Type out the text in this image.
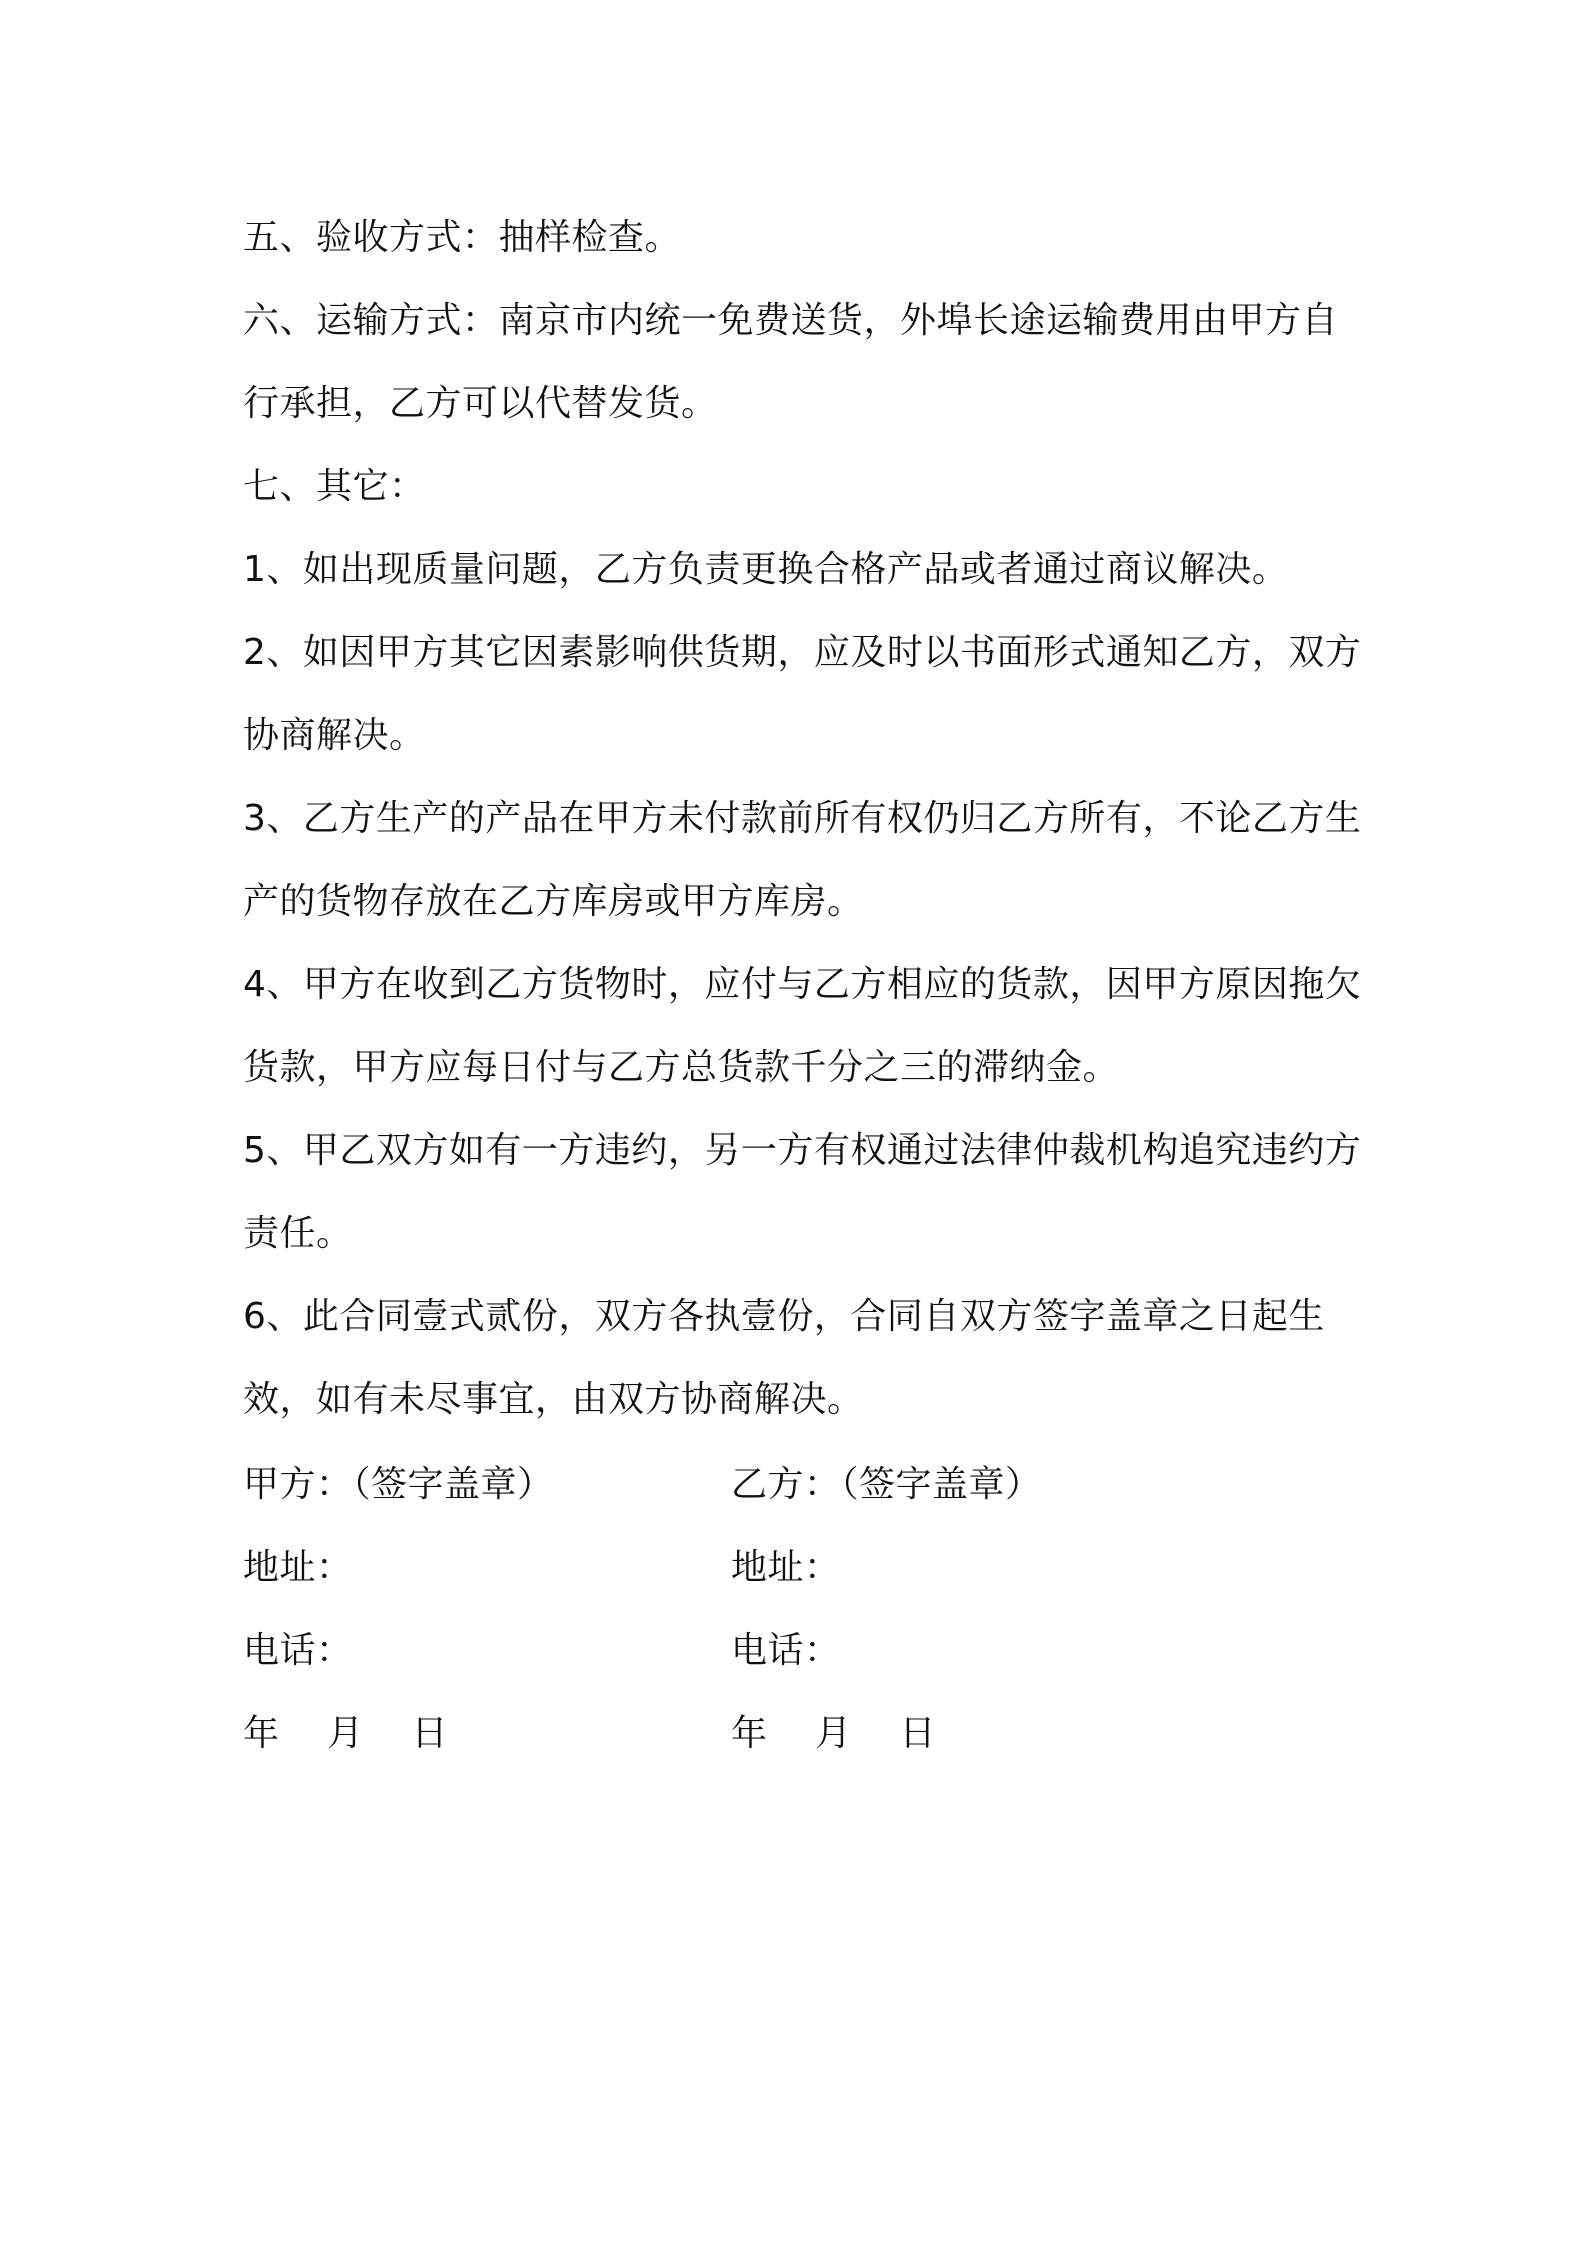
五、验收方式：抽样检查。

六、运输方式：南京市内统一免费送货，外埠长途运输费用由甲方自行承担，乙方可以代替发货。

七、其它：

1、如出现质量问题，乙方负责更换合格产品或者通过商议解决。

2、如因甲方其它因素影响供货期，应及时以书面形式通知乙方，双方协商解决。

3、乙方生产的产品在甲方未付款前所有权仍归乙方所有，不论乙方生产的货物存放在乙方库房或甲方库房。

4、甲方在收到乙方货物时，应付与乙方相应的货款，因甲方原因拖欠货款，甲方应每日付与乙方总货款千分之三的滞纳金。

5、甲乙双方如有一方违约，另一方有权通过法律仲裁机构追究违约方责任。

6、此合同壹式贰份，双方各执壹份，合同自双方签字盖章之日起生效，如有未尽事宜，由双方协商解决。

甲方：（签字盖章）	乙方：（签字盖章）
地址：	地址：
电话：	电话：
年    月    日	年    月    日
